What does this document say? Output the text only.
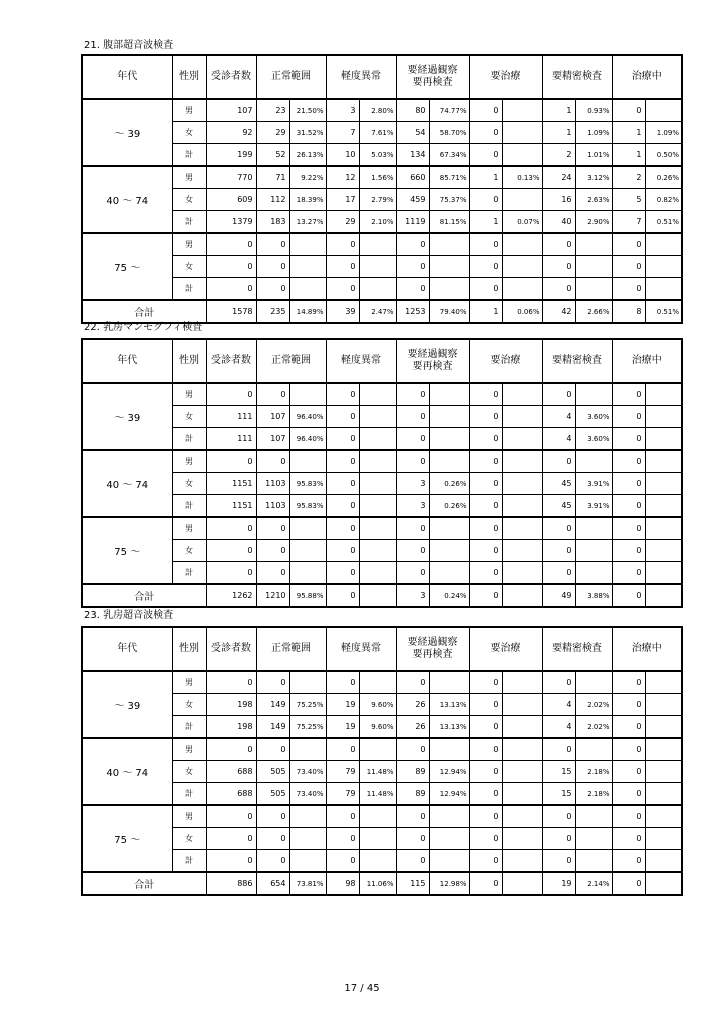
21. 腹部超音波検査
年代	性別	受診者数	正常範囲		軽度異常		要経過観察
要再検査		要治療		要精密検査		治療中	
～ 39	男	107	23	21.50%	3	2.80%	80	74.77%	0		1	0.93%	0	
	女	92	29	31.52%	7	7.61%	54	58.70%	0		1	1.09%	1	1.09%
	計	199	52	26.13%	10	5.03%	134	67.34%	0		2	1.01%	1	0.50%
40 ～ 74	男	770	71	9.22%	12	1.56%	660	85.71%	1	0.13%	24	3.12%	2	0.26%
	女	609	112	18.39%	17	2.79%	459	75.37%	0		16	2.63%	5	0.82%
	計	1379	183	13.27%	29	2.10%	1119	81.15%	1	0.07%	40	2.90%	7	0.51%
75 ～	男	0	0		0		0		0		0		0	
	女	0	0		0		0		0		0		0	
	計	0	0		0		0		0		0		0	
合計		1578	235	14.89%	39	2.47%	1253	79.40%	1	0.06%	42	2.66%	8	0.51%
22. 乳房マンモグフィ検査
年代	性別	受診者数	正常範囲		軽度異常		要経過観察
要再検査		要治療		要精密検査		治療中	
～ 39	男	0	0		0		0		0		0		0	
	女	111	107	96.40%	0		0		0		4	3.60%	0	
	計	111	107	96.40%	0		0		0		4	3.60%	0	
40 ～ 74	男	0	0		0		0		0		0		0	
	女	1151	1103	95.83%	0		3	0.26%	0		45	3.91%	0	
	計	1151	1103	95.83%	0		3	0.26%	0		45	3.91%	0	
75 ～	男	0	0		0		0		0		0		0	
	女	0	0		0		0		0		0		0	
	計	0	0		0		0		0		0		0	
合計		1262	1210	95.88%	0		3	0.24%	0		49	3.88%	0	
23. 乳房超音波検査
年代	性別	受診者数	正常範囲		軽度異常		要経過観察
要再検査		要治療		要精密検査		治療中	
～ 39	男	0	0		0		0		0		0		0	
	女	198	149	75.25%	19	9.60%	26	13.13%	0		4	2.02%	0	
	計	198	149	75.25%	19	9.60%	26	13.13%	0		4	2.02%	0	
40 ～ 74	男	0	0		0		0		0		0		0	
	女	688	505	73.40%	79	11.48%	89	12.94%	0		15	2.18%	0	
	計	688	505	73.40%	79	11.48%	89	12.94%	0		15	2.18%	0	
75 ～	男	0	0		0		0		0		0		0	
	女	0	0		0		0		0		0		0	
	計	0	0		0		0		0		0		0	
合計		886	654	73.81%	98	11.06%	115	12.98%	0		19	2.14%	0	
17 / 45
